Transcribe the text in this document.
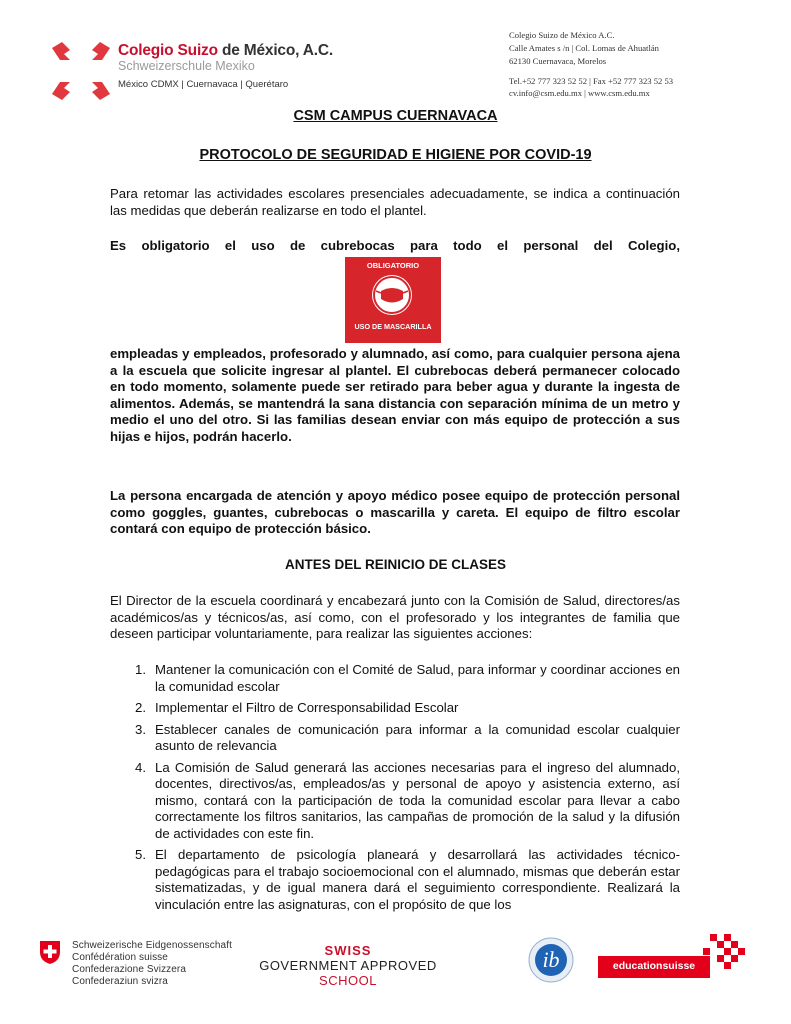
Colegio Suizo de México, A.C.
Schweizerschule Mexiko
México CDMX | Cuernavaca | Querétaro
Colegio Suizo de México A.C.
Calle Amates s /n | Col. Lomas de Ahuatlán
62130 Cuernavaca, Morelos
Tel.+52 777 323 52 52 | Fax +52 777 323 52 53
cv.info@csm.edu.mx | www.csm.edu.mx
CSM CAMPUS CUERNAVACA
PROTOCOLO DE SEGURIDAD E HIGIENE POR COVID-19

Para retomar las actividades escolares presenciales adecuadamente, se indica a continuación las medidas que deberán realizarse en todo el plantel.

Es obligatorio el uso de cubrebocas para todo el personal del Colegio,

OBLIGATORIO
USO DE MASCARILLA

empleadas y empleados, profesorado y alumnado, así como, para cualquier persona ajena a la escuela que solicite ingresar al plantel. El cubrebocas deberá permanecer colocado en todo momento, solamente puede ser retirado para beber agua y durante la ingesta de alimentos. Además, se mantendrá la sana distancia con separación mínima de un metro y medio el uno del otro. Si las familias desean enviar con más equipo de protección a sus hijas e hijos, podrán hacerlo.

La persona encargada de atención y apoyo médico posee equipo de protección personal como goggles, guantes, cubrebocas o mascarilla y careta. El equipo de filtro escolar contará con equipo de protección básico.

ANTES DEL REINICIO DE CLASES

El Director de la escuela coordinará y encabezará junto con la Comisión de Salud, directores/as académicos/as y técnicos/as, así como, con el profesorado y los integrantes de familia que deseen participar voluntariamente, para realizar las siguientes acciones:

1. Mantener la comunicación con el Comité de Salud, para informar y coordinar acciones en la comunidad escolar
2. Implementar el Filtro de Corresponsabilidad Escolar
3. Establecer canales de comunicación para informar a la comunidad escolar cualquier asunto de relevancia
4. La Comisión de Salud generará las acciones necesarias para el ingreso del alumnado, docentes, directivos/as, empleados/as y personal de apoyo y asistencia externo, así mismo, contará con la participación de toda la comunidad escolar para llevar a cabo correctamente los filtros sanitarios, las campañas de promoción de la salud y la difusión de actividades con este fin.
5. El departamento de psicología planeará y desarrollará las actividades técnico-pedagógicas para el trabajo socioemocional con el alumnado, mismas que deberán estar sistematizadas, y de igual manera dará el seguimiento correspondiente. Realizará la vinculación entre las asignaturas, con el propósito de que los
Schweizerische Eidgenossenschaft
Confédération suisse
Confederazione Svizzera
Confederaziun svizra
SWISS
GOVERNMENT APPROVED
SCHOOL
ib	educationsuisse
